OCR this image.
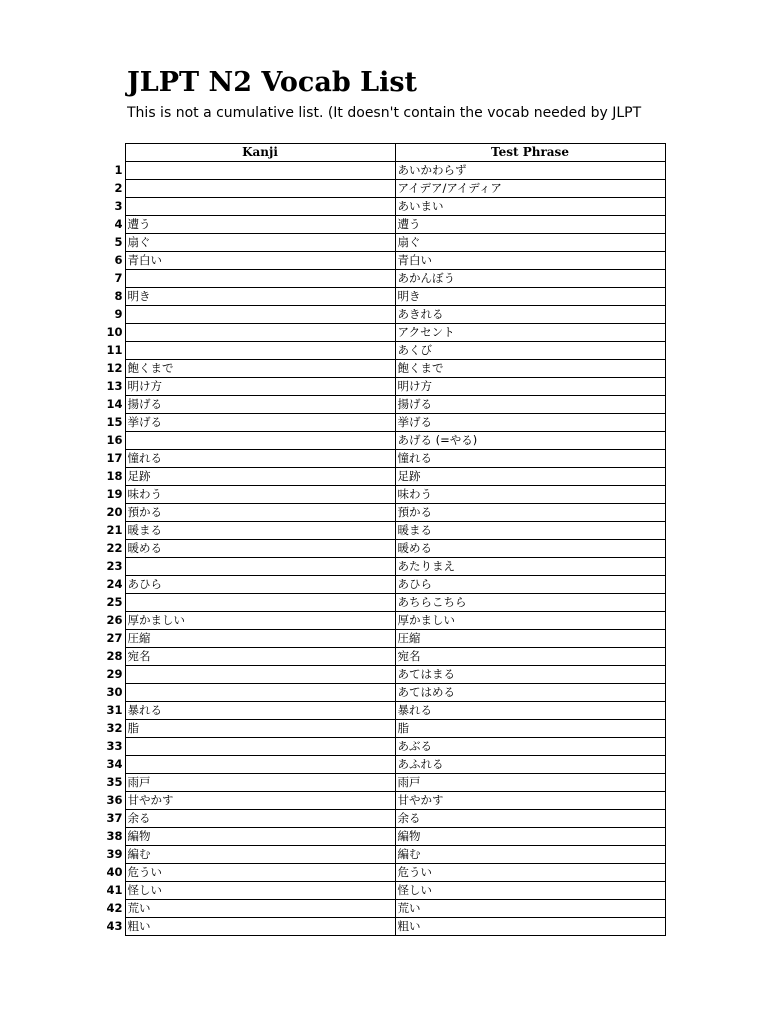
JLPT N2 Vocab List
This is not a cumulative list. (It doesn't contain the vocab needed by JLPT
	Kanji	Test Phrase
1		あいかわらず
2		アイデア/アイディア
3		あいまい
4	遭う	遭う
5	扇ぐ	扇ぐ
6	青白い	青白い
7		あかんぼう
8	明き	明き
9		あきれる
10		アクセント
11		あくび
12	飽くまで	飽くまで
13	明け方	明け方
14	揚げる	揚げる
15	挙げる	挙げる
16		あげる (=やる)
17	憧れる	憧れる
18	足跡	足跡
19	味わう	味わう
20	預かる	預かる
21	暖まる	暖まる
22	暖める	暖める
23		あたりまえ
24	あひら	あひら
25		あちらこちら
26	厚かましい	厚かましい
27	圧縮	圧縮
28	宛名	宛名
29		あてはまる
30		あてはめる
31	暴れる	暴れる
32	脂	脂
33		あぶる
34		あふれる
35	雨戸	雨戸
36	甘やかす	甘やかす
37	余る	余る
38	編物	編物
39	編む	編む
40	危うい	危うい
41	怪しい	怪しい
42	荒い	荒い
43	粗い	粗い
